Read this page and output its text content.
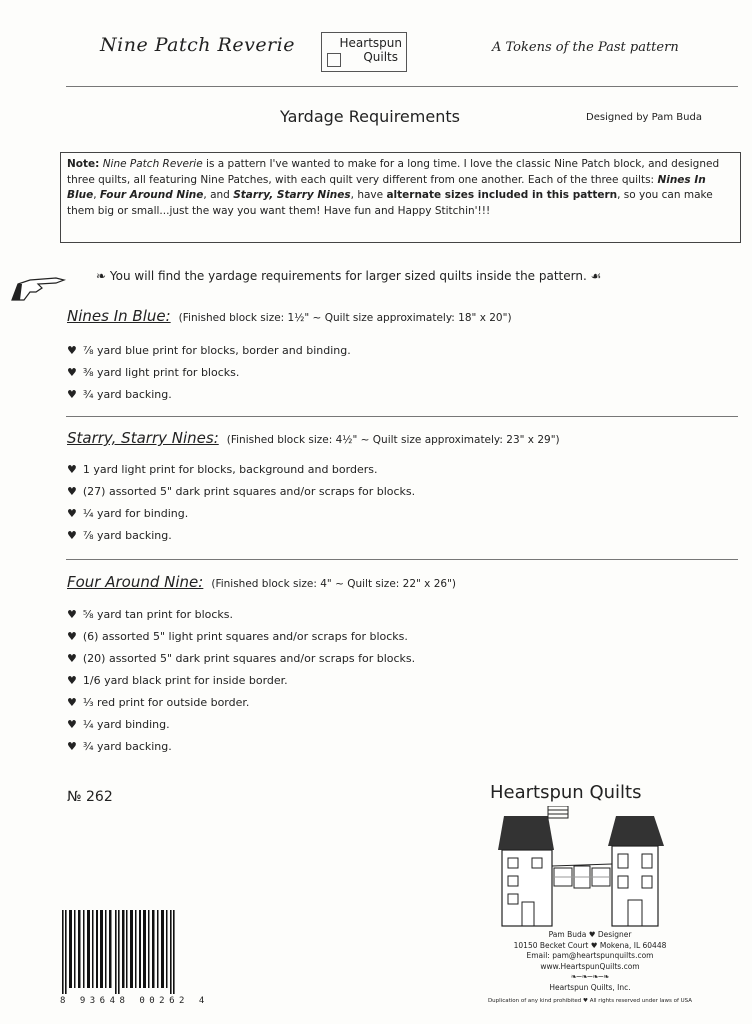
Nine Patch Reverie	Heartspun
Quilts
A Tokens of the Past pattern
Yardage Requirements	Designed by Pam Buda
Note: Nine Patch Reverie is a pattern I've wanted to make for a long time. I love the classic Nine Patch block, and designed three quilts, all featuring Nine Patches, with each quilt very different from one another. Each of the three quilts: Nines In Blue, Four Around Nine, and Starry, Starry Nines, have alternate sizes included in this pattern, so you can make them big or small...just the way you want them! Have fun and Happy Stitchin'!!!
❧ You will find the yardage requirements for larger sized quilts inside the pattern. ☙
Nines In Blue: (Finished block size: 1½" ~ Quilt size approximately: 18" x 20")
♥ ⅞ yard blue print for blocks, border and binding.
♥ ⅜ yard light print for blocks.
♥ ¾ yard backing.
Starry, Starry Nines: (Finished block size: 4½" ~ Quilt size approximately: 23" x 29")
♥ 1 yard light print for blocks, background and borders.
♥ (27) assorted 5" dark print squares and/or scraps for blocks.
♥ ¼ yard for binding.
♥ ⅞ yard backing.
Four Around Nine: (Finished block size: 4" ~ Quilt size: 22" x 26")
♥ ⅝ yard tan print for blocks.
♥ (6) assorted 5" light print squares and/or scraps for blocks.
♥ (20) assorted 5" dark print squares and/or scraps for blocks.
♥ 1/6 yard black print for inside border.
♥ ⅓ red print for outside border.
♥ ¼ yard binding.
♥ ¾ yard backing.
№ 262
8 93648 00262 4
Heartspun Quilts
Pam Buda ♥ Designer
10150 Becket Court ♥ Mokena, IL 60448
Email: pam@heartspunquilts.com
www.HeartspunQuilts.com
❧─❧─❧─❧
Heartspun Quilts, Inc.
Duplication of any kind prohibited ♥ All rights reserved under laws of USA
